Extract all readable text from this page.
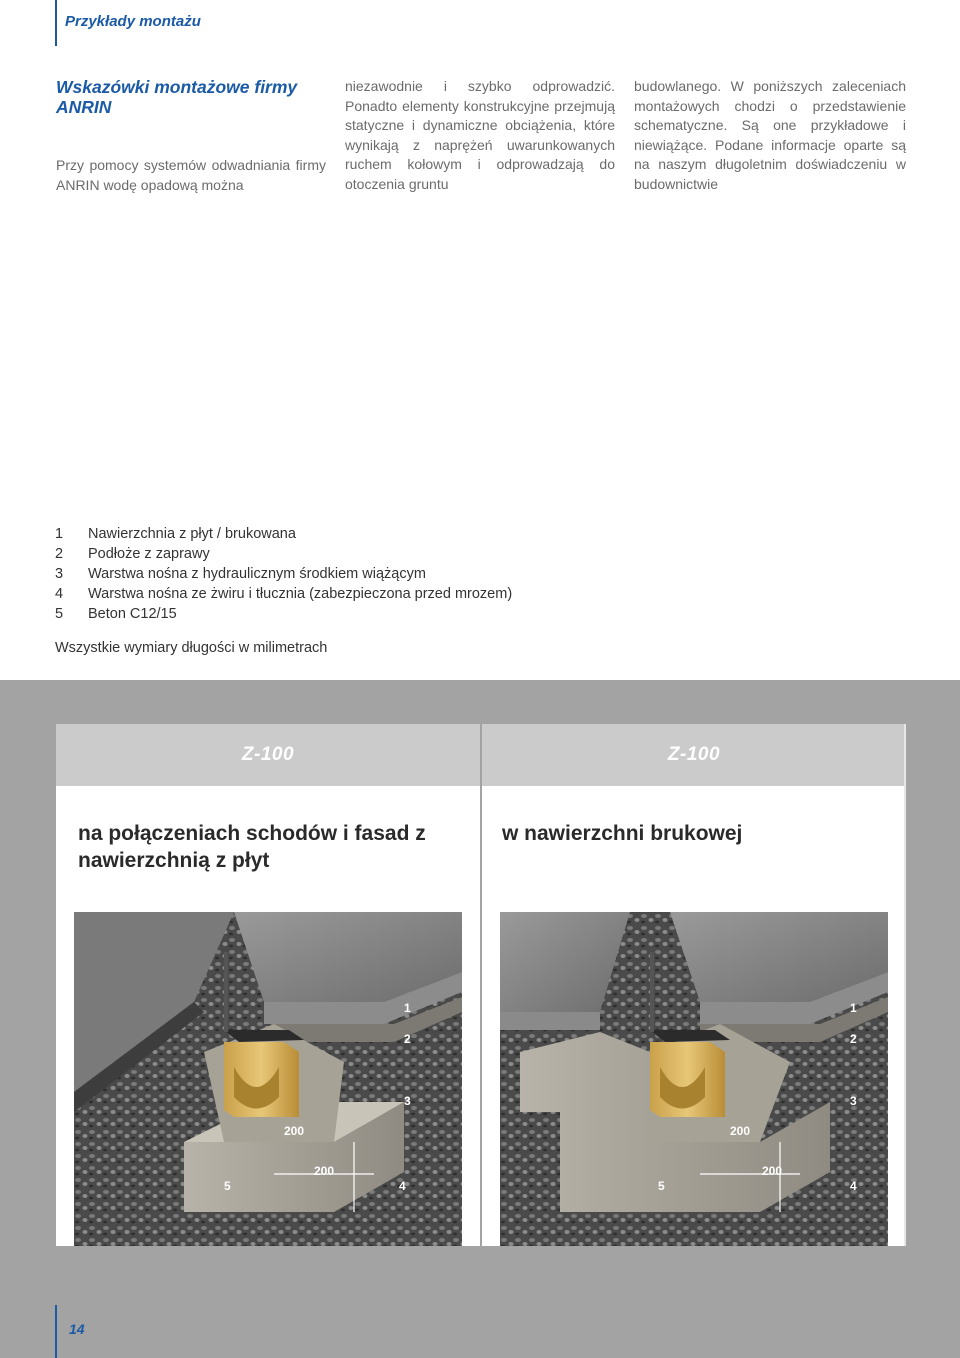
Przykłady montażu
Wskazówki montażowe firmy ANRIN
Przy pomocy systemów odwadniania firmy ANRIN wodę opadową można
niezawodnie i szybko odprowadzić. Ponadto elementy konstrukcyjne przejmują statyczne i dynamiczne obciążenia, które wynikają z naprężeń uwarunkowanych ruchem kołowym i odprowadzają do otoczenia gruntu
budowlanego. W poniższych zaleceniach montażowych chodzi o przedstawienie schematyczne. Są one przykładowe i niewiążące. Podane informacje oparte są na naszym długoletnim doświadczeniu w budownictwie
1	Nawierzchnia z płyt / brukowana
2	Podłoże z zaprawy
3	Warstwa nośna z hydraulicznym środkiem wiążącym
4	Warstwa nośna ze żwiru i tłucznia (zabezpieczona przed mrozem)
5	Beton C12/15
Wszystkie wymiary długości w milimetrach
Z-100
na połączeniach schodów i fasad z nawierzchnią z płyt
1
2
3
200
200
5	4
Z-100
w nawierzchni brukowej
1
2
3
200
200
5	4
14
